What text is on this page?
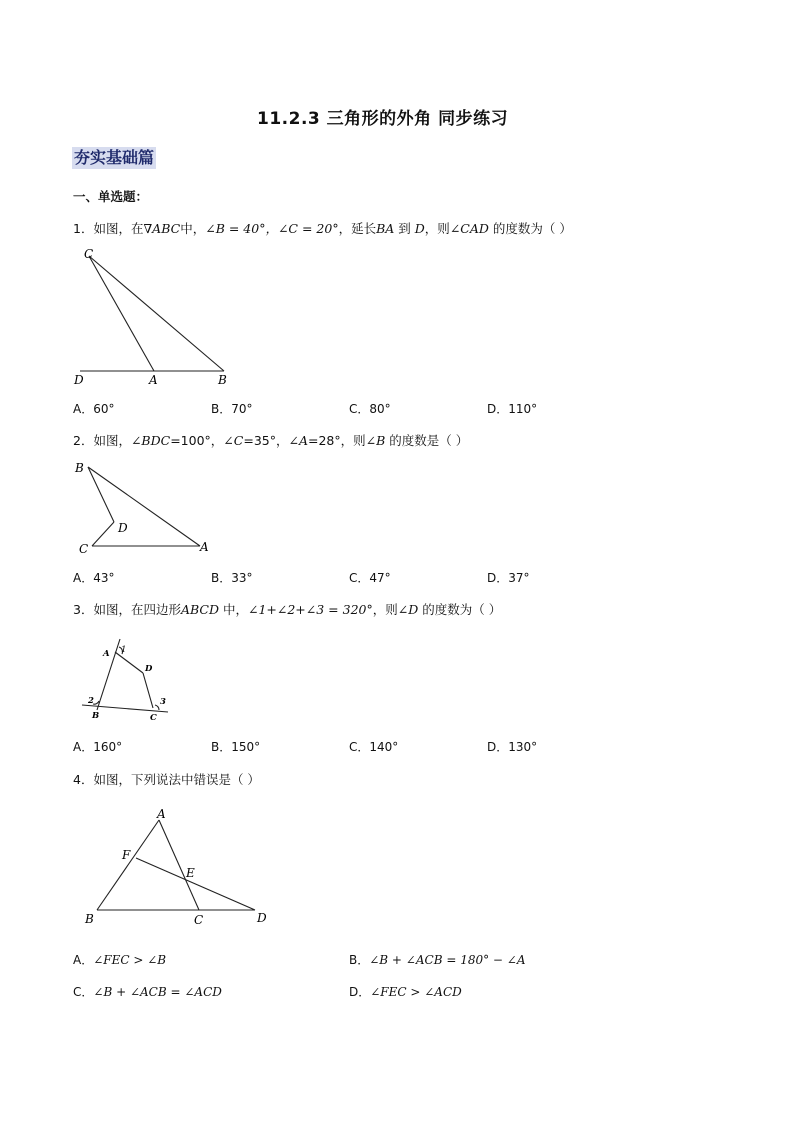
11.2.3 三角形的外角 同步练习
夯实基础篇
一、单选题：
1．如图，在∇ABC中，∠B = 40°，∠C = 20°，延长BA 到 D，则∠CAD 的度数为（ ）
C
D	A	B
A．60°	B．70°	C．80°	D．110°
2．如图，∠BDC=100°，∠C=35°，∠A=28°，则∠B 的度数是（ ）
B
D
C	A
A．43°	B．33°	C．47°	D．37°
3．如图，在四边形ABCD 中，∠1+∠2+∠3 = 320°，则∠D 的度数为（ ）
A 1
D
2
B	C
3
A．160°	B．150°	C．140°	D．130°
4．如图，下列说法中错误是（ ）
A
F
E
B	C	D
A．∠FEC > ∠B	B．∠B + ∠ACB = 180° − ∠A
C．∠B + ∠ACB = ∠ACD	D．∠FEC > ∠ACD
